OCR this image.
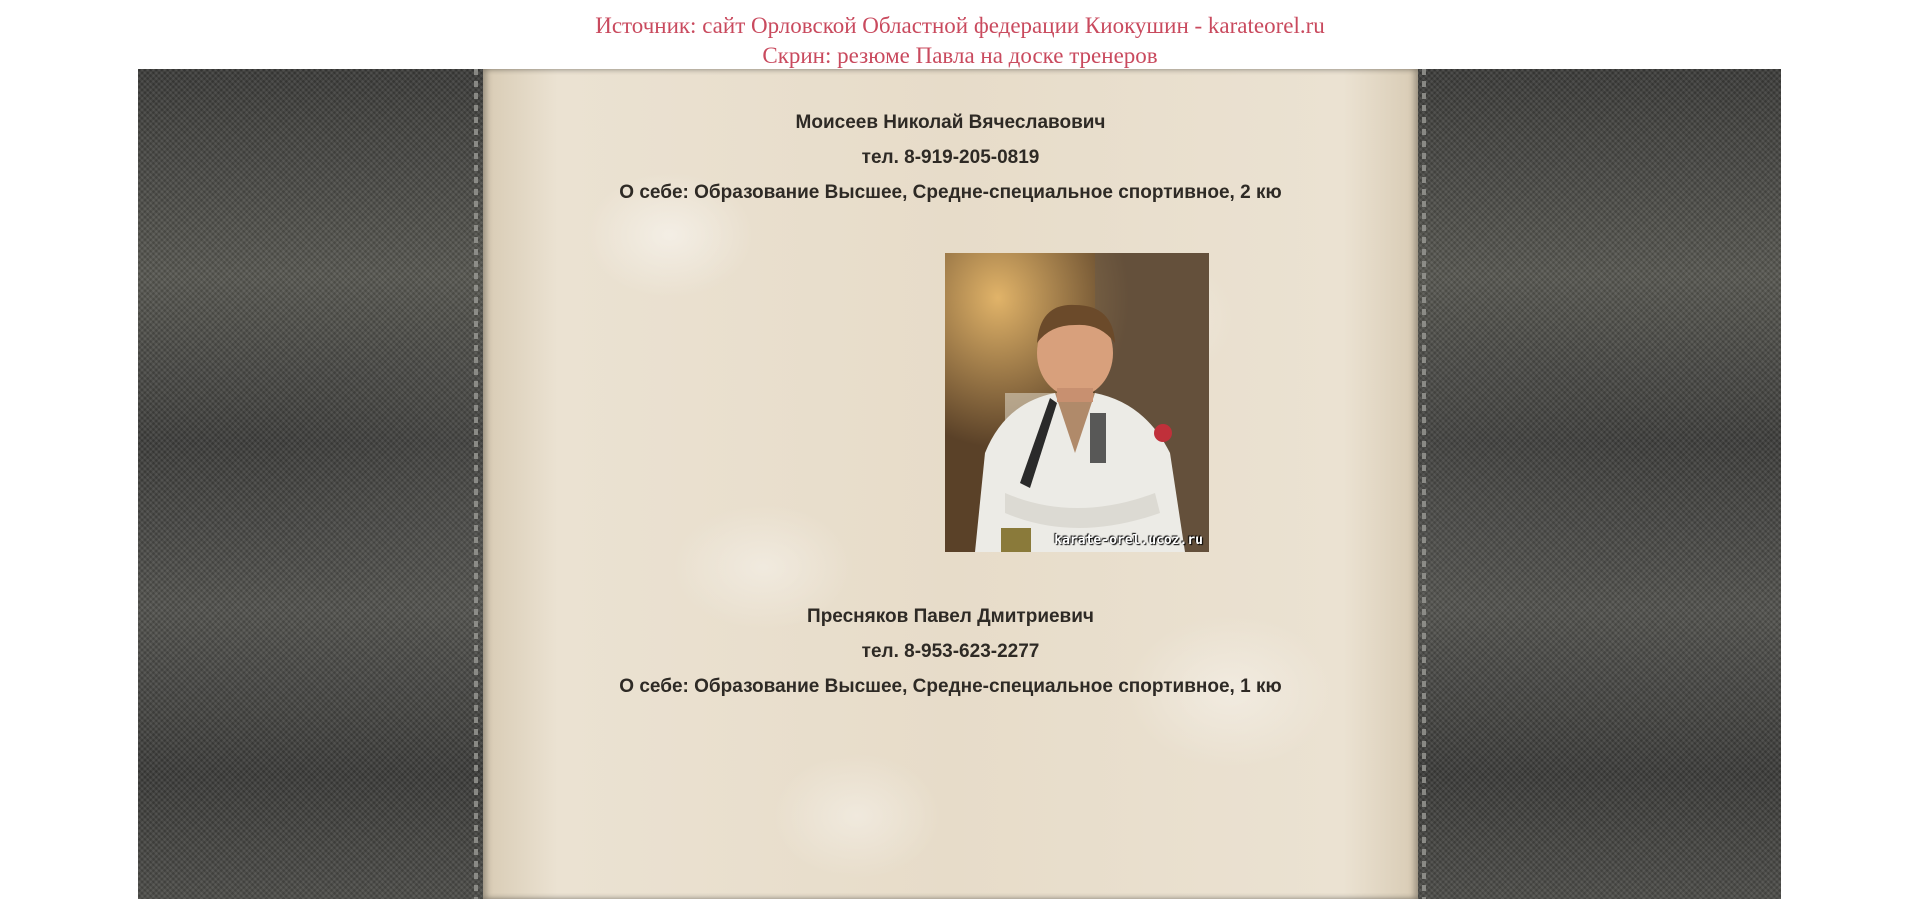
Источник: сайт Орловской Областной федерации Киокушин - karateorel.ru
Скрин: резюме Павла на доске тренеров
Моисеев Николай Вячеславович
тел. 8-919-205-0819
О себе: Образование Высшее, Средне-специальное спортивное, 2 кю
karate-orel.ucoz.ru
Пресняков Павел Дмитриевич
тел. 8-953-623-2277
О себе: Образование Высшее, Средне-специальное спортивное, 1 кю
